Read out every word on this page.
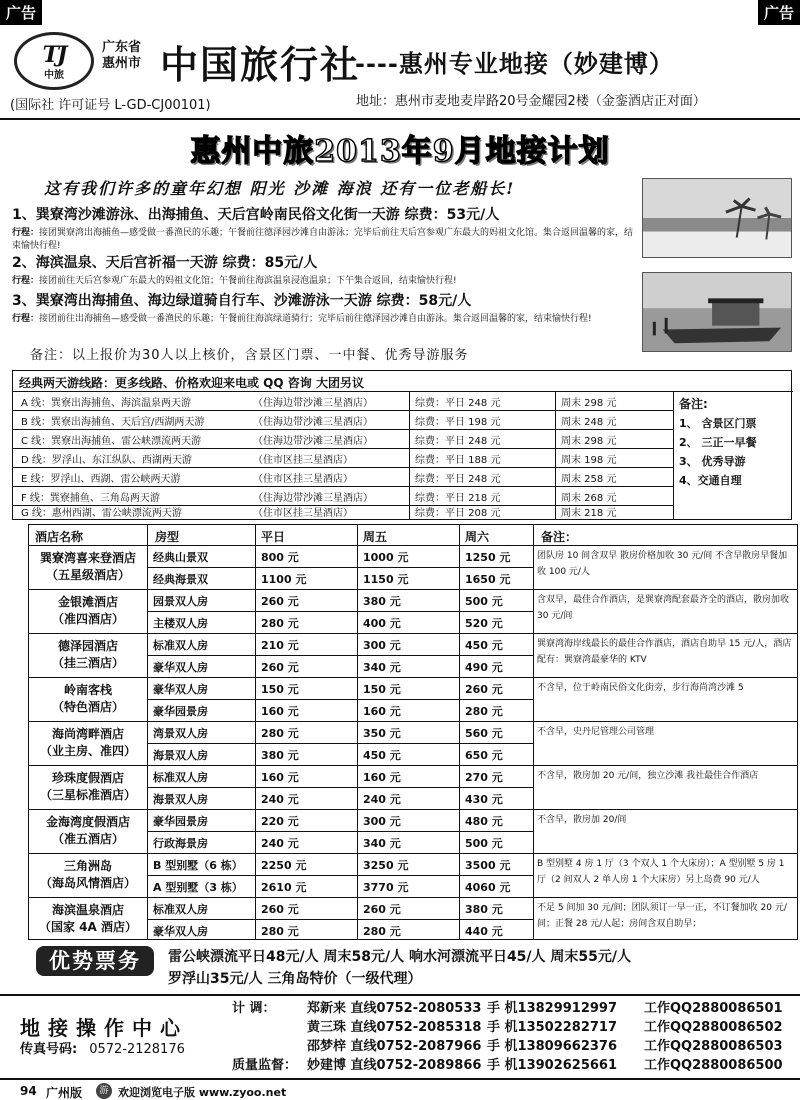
广告	广告
TJ
中旅
广东省
惠州市 中国旅行社
----惠州专业地接（妙建博）
(国际社 许可证号 L-GD-CJ00101)	地址：惠州市麦地麦岸路20号金耀园2楼（金銮酒店正对面）
惠州中旅2013年9月地接计划
这有我们许多的童年幻想 阳光 沙滩 海浪 还有一位老船长!
1、巽寮湾沙滩游泳、出海捕鱼、天后宫岭南民俗文化街一天游 综费：53元/人
行程：接团巽寮湾出海捕鱼—感受做一番渔民的乐趣；午餐前往德泽园沙滩自由游泳；完毕后前往天后宫参观广东最大的妈祖文化馆。集合返回温馨的家，结束愉快行程!
2、海滨温泉、天后宫祈福一天游 综费：85元/人
行程：接团前往天后宫参观广东最大的妈祖文化馆；午餐前往海滨温泉浸泡温泉；下午集合返回，结束愉快行程!
3、巽寮湾出海捕鱼、海边绿道骑自行车、沙滩游泳一天游 综费：58元/人
行程：接团前往出海捕鱼—感受做一番渔民的乐趣；午餐前往海滨绿道骑行；完毕后前往德泽园沙滩自由游泳。集合返回温馨的家，结束愉快行程!
备注：以上报价为30人以上核价，含景区门票、一中餐、优秀导游服务
经典两天游线路：更多线路、价格欢迎来电或 QQ 咨询 大团另议
A 线：巽寮出海捕鱼、海滨温泉两天游	（住海边带沙滩三星酒店）	综费：平日 248 元	周末 298 元
B 线：巽寮出海捕鱼、天后宫/西湖两天游	（住海边带沙滩三星酒店）	综费：平日 198 元	周末 248 元
C 线：巽寮出海捕鱼、雷公峡漂流两天游	（住海边带沙滩三星酒店）	综费：平日 248 元	周末 298 元
D 线：罗浮山、东江纵队、西湖两天游	（住市区挂三星酒店）	综费：平日 188 元	周末 198 元
E 线：罗浮山、西湖、雷公峡两天游	（住市区挂三星酒店）	综费：平日 248 元	周末 258 元
F 线：巽寮捕鱼、三角岛两天游	（住海边带沙滩三星酒店）	综费：平日 218 元	周末 268 元
G 线：惠州西湖、雷公峡漂流两天游	（住市区挂三星酒店）	综费：平日 208 元	周末 218 元
备注:
1、 含景区门票
2、 三正一早餐
3、 优秀导游
4、交通自理
酒店名称	房型	平日	周五	周六	备注：
巽寮湾喜来登酒店
（五星级酒店）
经典山景双	800 元	1000 元	1250 元
经典海景双	1100 元	1150 元	1650 元
团队房 10 间含双早 散房价格加收 30 元/间 不含早散房早餐加收 100 元/人
金银滩酒店
（准四酒店）
园景双人房	260 元	380 元	500 元
主楼双人房	280 元	400 元	520 元
含双早，最佳合作酒店，是巽寮湾配套最齐全的酒店，散房加收 30 元/间
德泽园酒店
（挂三酒店）
标准双人房	210 元	300 元	450 元
豪华双人房	260 元	340 元	490 元
巽寮湾海岸线最长的最佳合作酒店，酒店自助早 15 元/人，酒店配有：巽寮湾最豪华的 KTV
岭南客栈
（特色酒店）
豪华双人房	150 元	150 元	260 元
豪华园景房	160 元	160 元	280 元
不含早，位于岭南民俗文化街旁，步行海尚湾沙滩 5
海尚湾畔酒店
（业主房、准四）
湾景双人房	280 元	350 元	560 元
海景双人房	380 元	450 元	650 元
不含早，史丹尼管理公司管理
珍珠度假酒店
（三星标准酒店）
标准双人房	160 元	160 元	270 元
海景双人房	240 元	240 元	430 元
不含早，散房加 20 元/间，独立沙滩 我社最佳合作酒店
金海湾度假酒店
（准五酒店）
豪华园景房	220 元	300 元	480 元
行政海景房	240 元	340 元	500 元
不含早，散房加 20/间
三角洲岛
（海岛风情酒店）
B 型别墅（6 栋） 2250 元	3250 元	3500 元
A 型别墅（3 栋） 2610 元	3770 元	4060 元
B 型别墅 4 房 1 厅（3 个双人 1 个大床房）；A 型别墅 5 房 1 厅（2 间双人 2 单人房 1 个大床房）另上岛费 90 元/人
海滨温泉酒店
（国家 4A 酒店）
标准双人房	260 元	260 元	380 元
豪华双人房	280 元	280 元	440 元
不足 5 间加 30 元/间；团队须订一早一正，不订餐加收 20 元/间；正餐 28 元/人起；房间含双自助早；
优势票务	雷公峡漂流平日48元/人 周末58元/人 响水河漂流平日45/人 周末55元/人
罗浮山35元/人 三角岛特价（一级代理）
地接操作中心
传真号码: 0572-2128176
计 调： 郑新来 直线0752-2080533 手 机13829912997 工作QQ2880086501
黄三珠 直线0752-2085318 手 机13502282717 工作QQ2880086502
邵梦梓 直线0752-2087966 手 机13809662376 工作QQ2880086503
质量监督： 妙建博 直线0752-2089866 手 机13902625661 工作QQ2880086500
94 广州版	游 欢迎浏览电子版 www.zyoo.net
